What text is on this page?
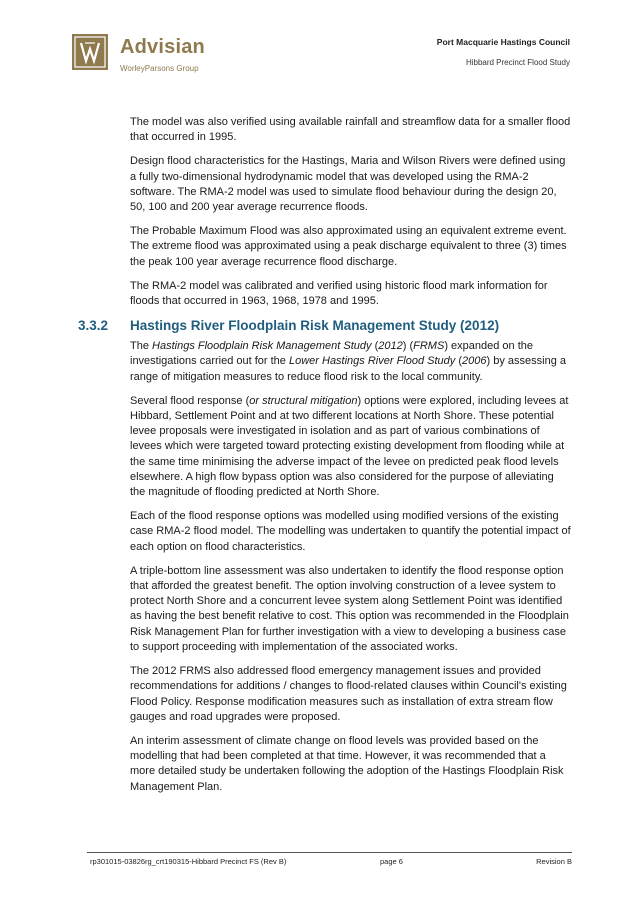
Advisian
WorleyParsons Group
Port Macquarie Hastings Council
Hibbard Precinct Flood Study

The model was also verified using available rainfall and streamflow data for a smaller flood that occurred in 1995.

Design flood characteristics for the Hastings, Maria and Wilson Rivers were defined using a fully two-dimensional hydrodynamic model that was developed using the RMA-2 software. The RMA-2 model was used to simulate flood behaviour during the design 20, 50, 100 and 200 year average recurrence floods.

The Probable Maximum Flood was also approximated using an equivalent extreme event. The extreme flood was approximated using a peak discharge equivalent to three (3) times the peak 100 year average recurrence flood discharge.

The RMA-2 model was calibrated and verified using historic flood mark information for floods that occurred in 1963, 1968, 1978 and 1995.

3.3.2 Hastings River Floodplain Risk Management Study (2012)

The Hastings Floodplain Risk Management Study (2012) (FRMS) expanded on the investigations carried out for the Lower Hastings River Flood Study (2006) by assessing a range of mitigation measures to reduce flood risk to the local community.

Several flood response (or structural mitigation) options were explored, including levees at Hibbard, Settlement Point and at two different locations at North Shore. These potential levee proposals were investigated in isolation and as part of various combinations of levees which were targeted toward protecting existing development from flooding while at the same time minimising the adverse impact of the levee on predicted peak flood levels elsewhere. A high flow bypass option was also considered for the purpose of alleviating the magnitude of flooding predicted at North Shore.

Each of the flood response options was modelled using modified versions of the existing case RMA-2 flood model. The modelling was undertaken to quantify the potential impact of each option on flood characteristics.

A triple-bottom line assessment was also undertaken to identify the flood response option that afforded the greatest benefit. The option involving construction of a levee system to protect North Shore and a concurrent levee system along Settlement Point was identified as having the best benefit relative to cost. This option was recommended in the Floodplain Risk Management Plan for further investigation with a view to developing a business case to support proceeding with implementation of the associated works.

The 2012 FRMS also addressed flood emergency management issues and provided recommendations for additions / changes to flood-related clauses within Council's existing Flood Policy. Response modification measures such as installation of extra stream flow gauges and road upgrades were proposed.

An interim assessment of climate change on flood levels was provided based on the modelling that had been completed at that time. However, it was recommended that a more detailed study be undertaken following the adoption of the Hastings Floodplain Risk Management Plan.

rp301015-03826rg_crt190315-Hibbard Precinct FS (Rev B)	page 6	Revision B
